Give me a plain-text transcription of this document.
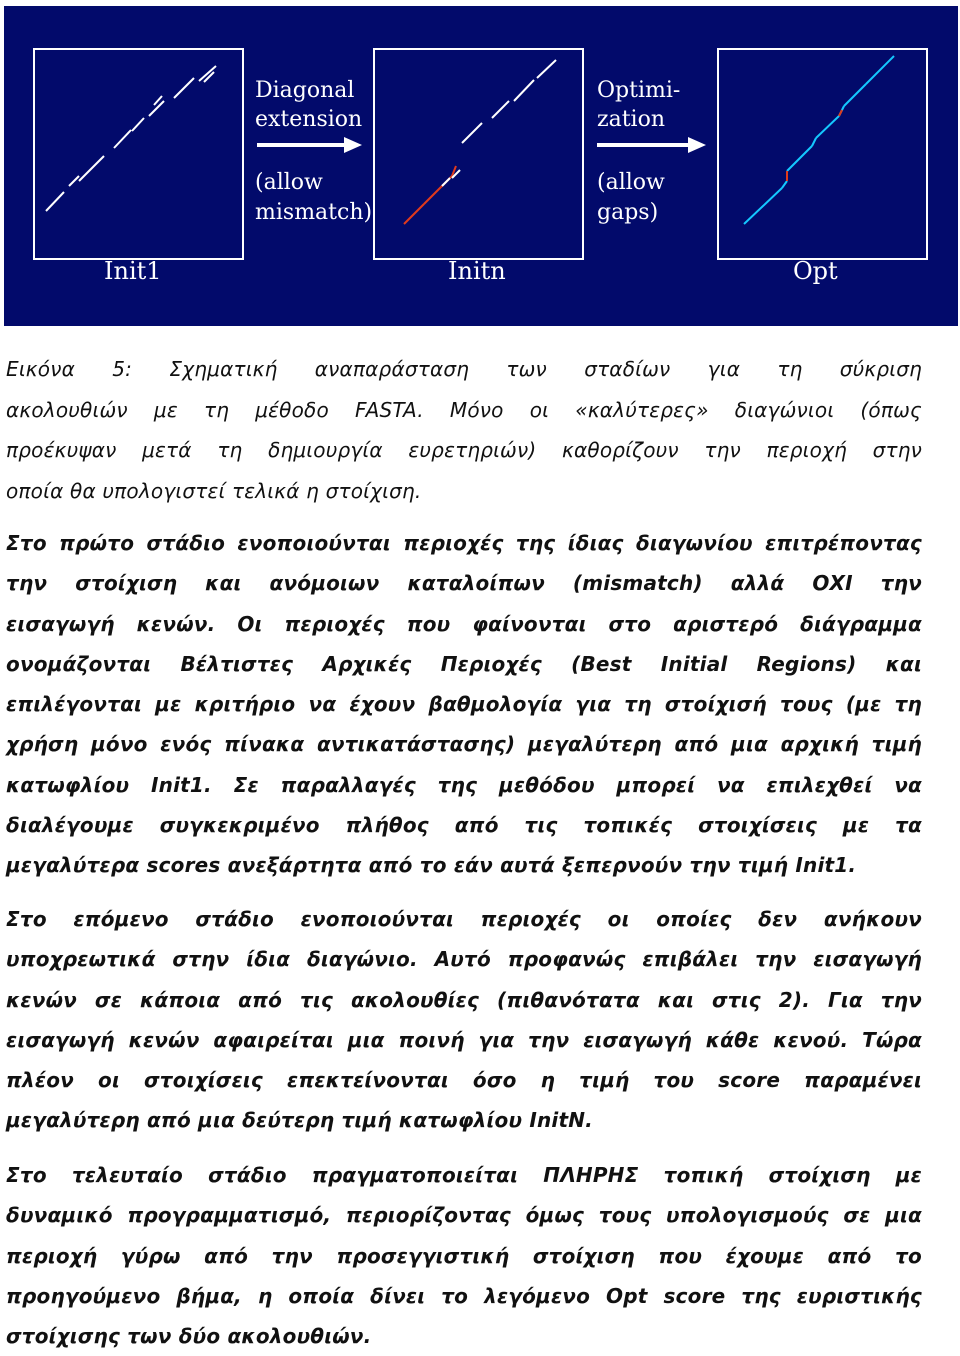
Diagonal
extension
(allow
mismatch)
Optimi-
zation
(allow
gaps)
Init1	Initn	Opt
Εικόνα 5: Σχηματική αναπαράσταση των σταδίων για τη σύκριση
ακολουθιών με τη μέθοδο FASTA. Μόνο οι «καλύτερες» διαγώνιοι (όπως
προέκυψαν μετά τη δημιουργία ευρετηριών) καθορίζουν την περιοχή στην
οποία θα υπολογιστεί τελικά η στοίχιση.
Στο πρώτο στάδιο ενοποιούνται περιοχές της ίδιας διαγωνίου επιτρέποντας
την στοίχιση και ανόμοιων καταλοίπων (mismatch) αλλά ΟΧΙ την
εισαγωγή κενών. Οι περιοχές που φαίνονται στο αριστερό διάγραμμα
ονομάζονται Βέλτιστες Αρχικές Περιοχές (Best Initial Regions) και
επιλέγονται με κριτήριο να έχουν βαθμολογία για τη στοίχισή τους (με τη
χρήση μόνο ενός πίνακα αντικατάστασης) μεγαλύτερη από μια αρχική τιμή
κατωφλίου Init1. Σε παραλλαγές της μεθόδου μπορεί να επιλεχθεί να
διαλέγουμε συγκεκριμένο πλήθος από τις τοπικές στοιχίσεις με τα
μεγαλύτερα scores ανεξάρτητα από το εάν αυτά ξεπερνούν την τιμή Init1.
Στο επόμενο στάδιο ενοποιούνται περιοχές οι οποίες δεν ανήκουν
υποχρεωτικά στην ίδια διαγώνιο. Αυτό προφανώς επιβάλει την εισαγωγή
κενών σε κάποια από τις ακολουθίες (πιθανότατα και στις 2). Για την
εισαγωγή κενών αφαιρείται μια ποινή για την εισαγωγή κάθε κενού. Τώρα
πλέον οι στοιχίσεις επεκτείνονται όσο η τιμή του score παραμένει
μεγαλύτερη από μια δεύτερη τιμή κατωφλίου InitN.
Στο τελευταίο στάδιο πραγματοποιείται ΠΛΗΡΗΣ τοπική στοίχιση με
δυναμικό προγραμματισμό, περιορίζοντας όμως τους υπολογισμούς σε μια
περιοχή γύρω από την προσεγγιστική στοίχιση που έχουμε από το
προηγούμενο βήμα, η οποία δίνει το λεγόμενο Opt score της ευριστικής
στοίχισης των δύο ακολουθιών.
